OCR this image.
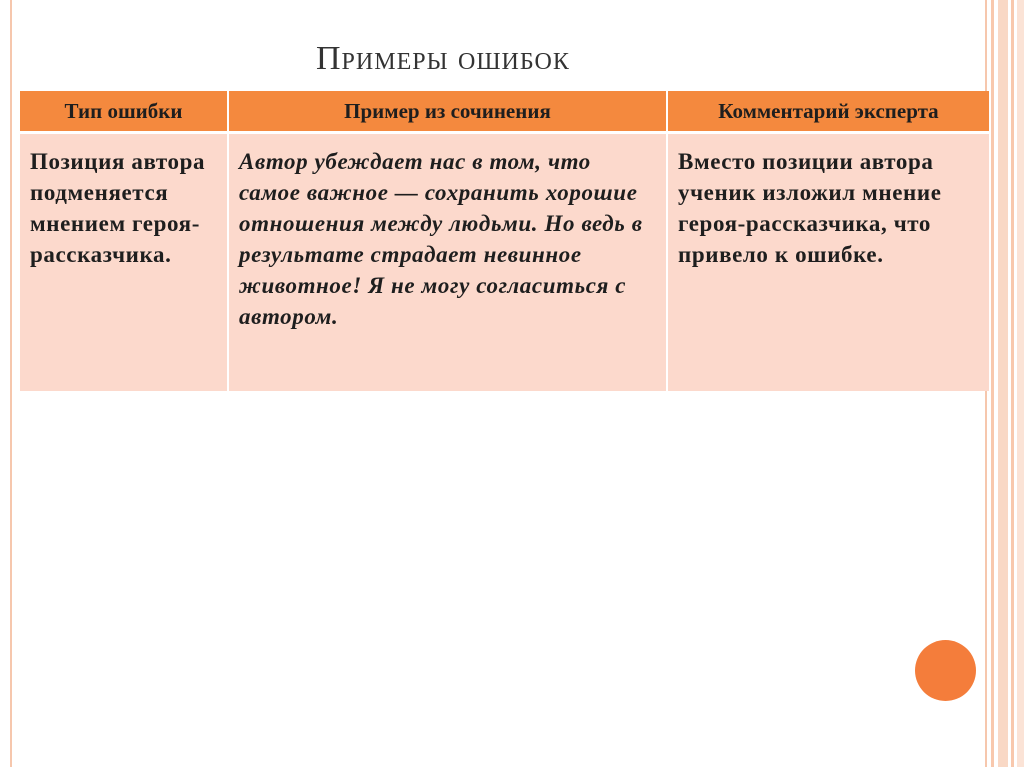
Примеры ошибок
Тип ошибки	Пример из сочинения	Комментарий эксперта
Позиция автора подменяется мнением героя-рассказчика.	Автор убеждает нас в том, что самое важное — сохранить хорошие отношения между людьми. Но ведь в результате страдает невинное животное! Я не могу согласиться с автором.	Вместо позиции автора ученик изложил мнение героя-рассказчика, что привело к ошибке.
